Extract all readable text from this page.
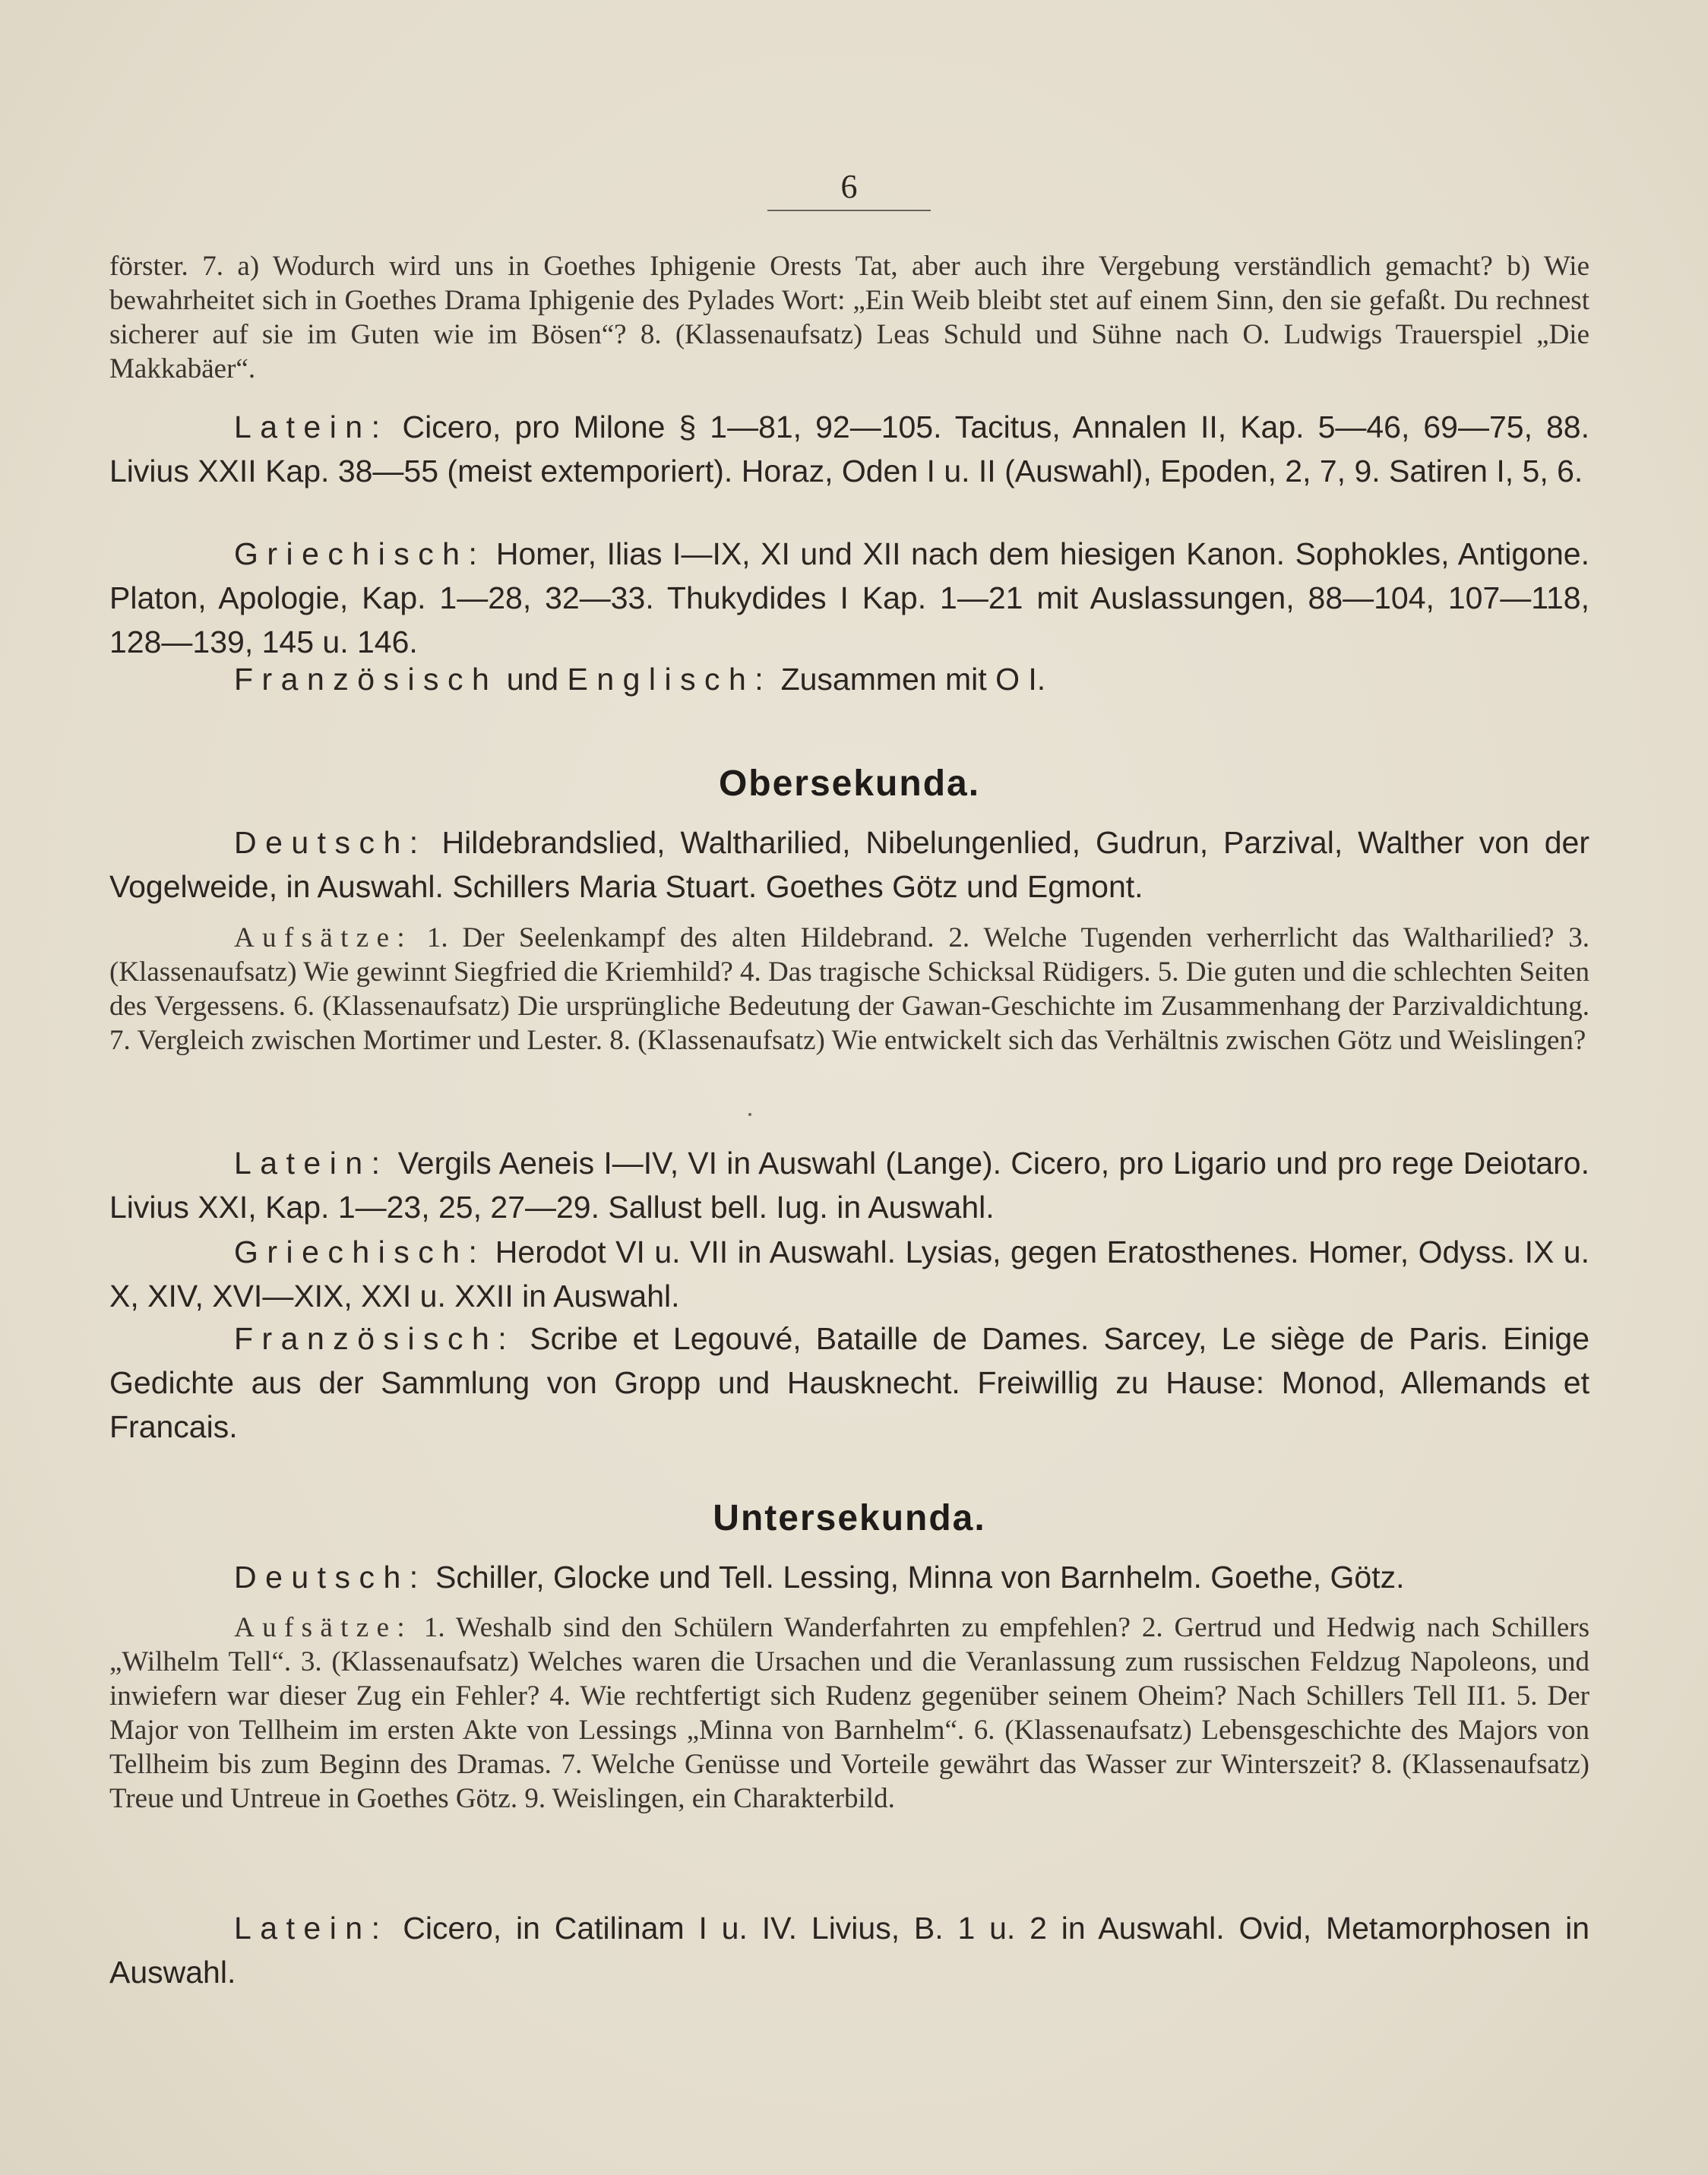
6

förster. 7. a) Wodurch wird uns in Goethes Iphigenie Orests Tat, aber auch ihre Vergebung verständlich gemacht? b) Wie bewahrheitet sich in Goethes Drama Iphigenie des Pylades Wort: „Ein Weib bleibt stet auf einem Sinn, den sie gefaßt. Du rechnest sicherer auf sie im Guten wie im Bösen“? 8. (Klassenaufsatz) Leas Schuld und Sühne nach O. Ludwigs Trauerspiel „Die Makkabäer“.

Latein: Cicero, pro Milone § 1—81, 92—105. Tacitus, Annalen II, Kap. 5—46, 69—75, 88. Livius XXII Kap. 38—55 (meist extemporiert). Horaz, Oden I u. II (Auswahl), Epoden, 2, 7, 9. Satiren I, 5, 6.

Griechisch: Homer, Ilias I—IX, XI und XII nach dem hiesigen Kanon. Sophokles, Antigone. Platon, Apologie, Kap. 1—28, 32—33. Thukydides I Kap. 1—21 mit Auslassungen, 88—104, 107—118, 128—139, 145 u. 146.

Französisch und Englisch: Zusammen mit O I.

Obersekunda.

Deutsch: Hildebrandslied, Waltharilied, Nibelungenlied, Gudrun, Parzival, Walther von der Vogelweide, in Auswahl. Schillers Maria Stuart. Goethes Götz und Egmont.

Aufsätze: 1. Der Seelenkampf des alten Hildebrand. 2. Welche Tugenden verherrlicht das Waltharilied? 3. (Klassenaufsatz) Wie gewinnt Siegfried die Kriemhild? 4. Das tragische Schicksal Rüdigers. 5. Die guten und die schlechten Seiten des Vergessens. 6. (Klassenaufsatz) Die ursprüngliche Bedeutung der Gawan-Geschichte im Zusammenhang der Parzivaldichtung. 7. Vergleich zwischen Mortimer und Lester. 8. (Klassenaufsatz) Wie entwickelt sich das Verhältnis zwischen Götz und Weislingen?

Latein: Vergils Aeneis I—IV, VI in Auswahl (Lange). Cicero, pro Ligario und pro rege Deiotaro. Livius XXI, Kap. 1—23, 25, 27—29. Sallust bell. Iug. in Auswahl.

Griechisch: Herodot VI u. VII in Auswahl. Lysias, gegen Eratosthenes. Homer, Odyss. IX u. X, XIV, XVI—XIX, XXI u. XXII in Auswahl.

Französisch: Scribe et Legouvé, Bataille de Dames. Sarcey, Le siège de Paris. Einige Gedichte aus der Sammlung von Gropp und Hausknecht. Freiwillig zu Hause: Monod, Allemands et Francais.

Untersekunda.

Deutsch: Schiller, Glocke und Tell. Lessing, Minna von Barnhelm. Goethe, Götz.

Aufsätze: 1. Weshalb sind den Schülern Wanderfahrten zu empfehlen? 2. Gertrud und Hedwig nach Schillers „Wilhelm Tell“. 3. (Klassenaufsatz) Welches waren die Ursachen und die Veranlassung zum russischen Feldzug Napoleons, und inwiefern war dieser Zug ein Fehler? 4. Wie rechtfertigt sich Rudenz gegenüber seinem Oheim? Nach Schillers Tell II1. 5. Der Major von Tellheim im ersten Akte von Lessings „Minna von Barnhelm“. 6. (Klassenaufsatz) Lebensgeschichte des Majors von Tellheim bis zum Beginn des Dramas. 7. Welche Genüsse und Vorteile gewährt das Wasser zur Winterszeit? 8. (Klassenaufsatz) Treue und Untreue in Goethes Götz. 9. Weislingen, ein Charakterbild.

Latein: Cicero, in Catilinam I u. IV. Livius, B. 1 u. 2 in Auswahl. Ovid, Metamorphosen in Auswahl.
